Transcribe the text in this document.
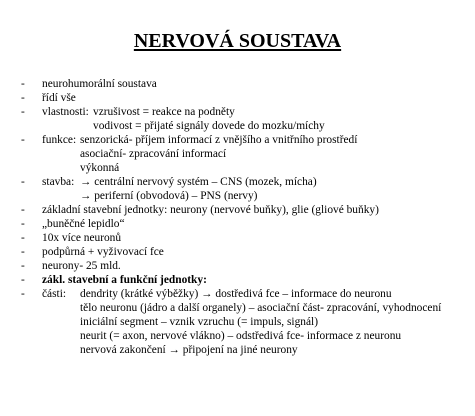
NERVOVÁ SOUSTAVA
- neurohumorální soustava
- řídí vše
- vlastnosti: vzrušivost = reakce na podněty
vodivost = přijaté signály dovede do mozku/míchy
- funkce: senzorická- příjem informací z vnějšího a vnitřního prostředí
asociační- zpracování informací
výkonná
- stavba: → centrální nervový systém – CNS (mozek, mícha)
→ periferní (obvodová) – PNS (nervy)
- základní stavební jednotky: neurony (nervové buňky), glie (gliové buňky)
- „buněčné lepidlo“
- 10x více neuronů
- podpůrná + vyživovací fce
- neurony- 25 mld.
- zákl. stavební a funkční jednotky:
- části: dendrity (krátké výběžky) → dostředivá fce – informace do neuronu
tělo neuronu (jádro a další organely) – asociační část- zpracování, vyhodnocení
iniciální segment – vznik vzruchu (= impuls, signál)
neurit (= axon, nervové vlákno) – odstředivá fce- informace z neuronu
nervová zakončení → připojení na jiné neurony
